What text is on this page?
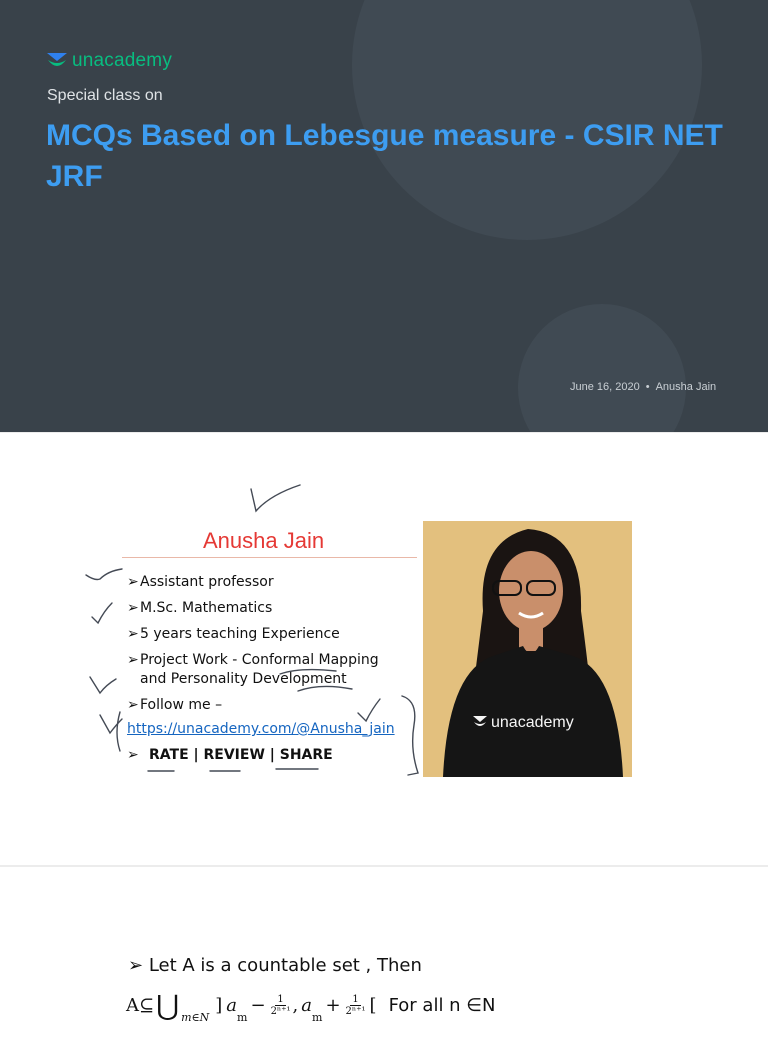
unacademy
Special class on
MCQs Based on Lebesgue measure - CSIR NET JRF
June 16, 2020 • Anusha Jain
Anusha Jain
➢Assistant professor
➢M.Sc. Mathematics
➢5 years teaching Experience
➢Project Work - Conformal Mapping
and Personality Development
➢Follow me –
https://unacademy.com/@Anusha_jain
➢ RATE | REVIEW | SHARE
unacademy
➢ Let A is a countable set , Then
A⊆ ⋃ m∈N
] a
m
− $\frac{1}{\text{2ⁿ⁺¹}}$ , a
m
+ $\frac{1}{\text{2ⁿ⁺¹}}$ [ For all n ∈N
